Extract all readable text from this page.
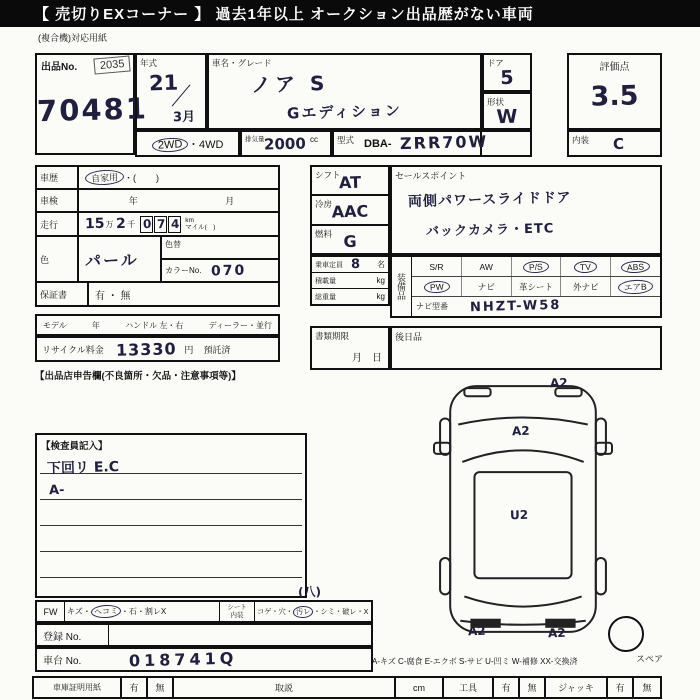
【 売切りEXコーナー 】 過去1年以上 オークション出品歴がない車両
(複合機)対応用紙
出品No.	2035
70481
年式
21
3月
車名・グレード
ノア S
Gエディション
ドア
5
形状
W
評価点
3.5
2WD ・4WD	排気量 2000 cc 型式 DBA- ZRR70W	内装 C
車歴	自家用 ・(        )
車検	年	月
走行	15 万 2 千 0 7 4 km
マイル(　)
色	パール
色替
カラーNo. 070
保証書	有 ・ 無
シフト
AT
冷房 AAC
燃料 G
乗車定員 8 名
積載量	kg
総重量	kg
セールスポイント
両側パワースライドドア
バックカメラ・ETC
装備品
S/R	AW	P/S	TV	ABS
PW	ナビ	革シート 外ナビ	エアB
ナビ型番 NHZT-W58
モデル	年	ハンドル 左・右	ディーラー・並行
リサイクル料金 13330 円 預託済
【出品店申告欄(不良箇所・欠品・注意事項等)】
書類期限
月　日
後日品
【検査員記入】
下回リ E.C
A-
(八)
A2
A2
U2
A2	A2
FW	キズ・ ヘコミ ・石・割レX	シート
内装 コゲ・穴・ 汚レ ・シミ・破レ・X
登録 No.
車台 No.	018741Q	A-キズ C-腐食 E-エクボ S-サビ U-凹ミ W-補修 XX-交換済	スペア
車庫証明用紙	有	無	取説	cm	工具	有	無	ジャッキ	有	無
